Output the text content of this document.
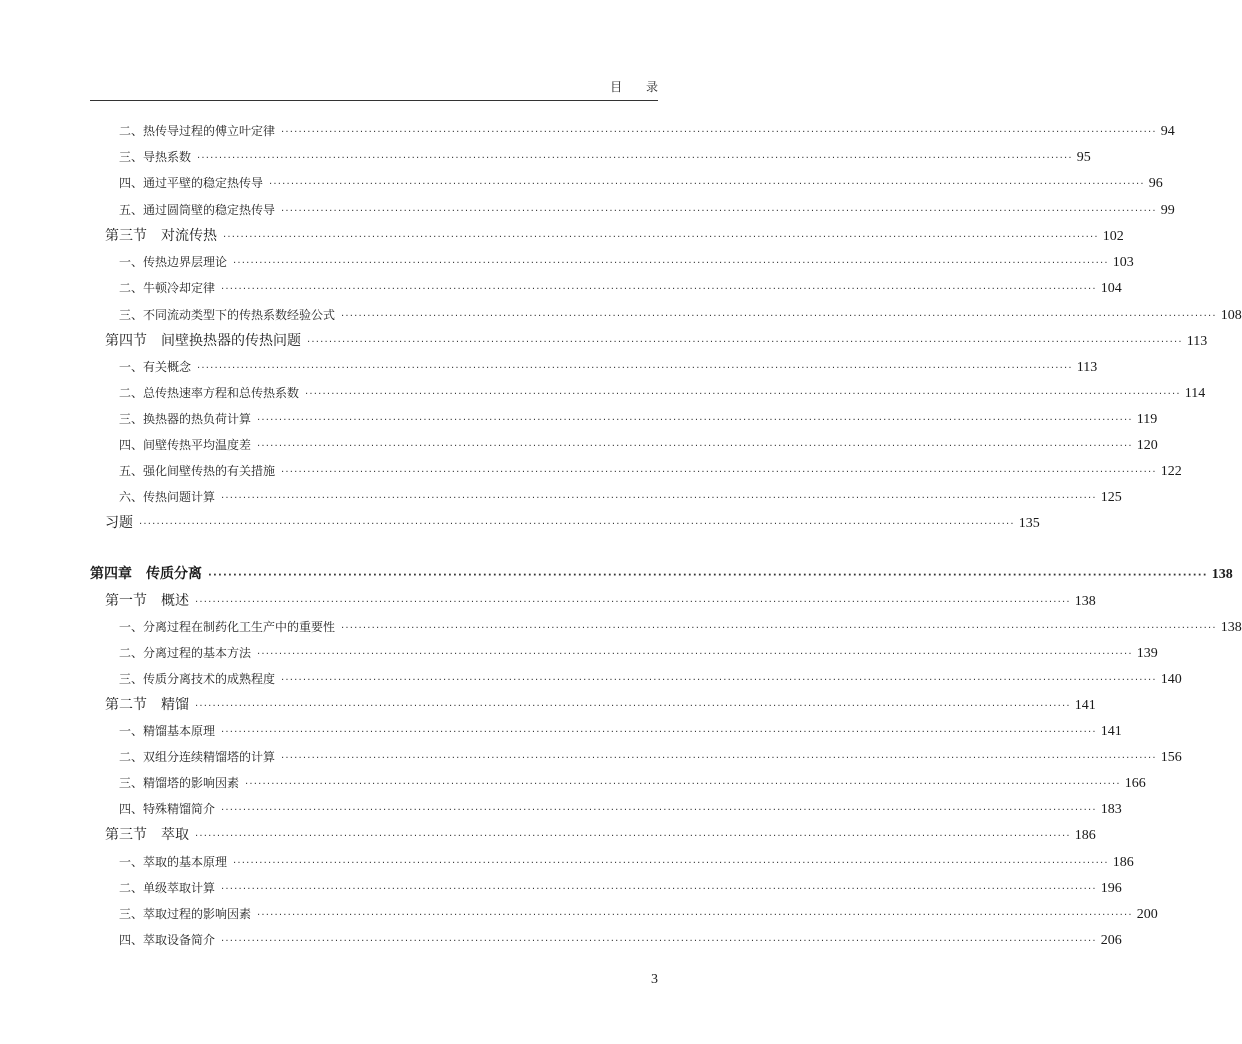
目 录
二、热传导过程的傅立叶定律 ········································································································································································································ 94
三、导热系数 ········································································································································································································ 95
四、通过平壁的稳定热传导 ········································································································································································································ 96
五、通过圆筒壁的稳定热传导 ········································································································································································································ 99
第三节　对流传热 ········································································································································································································ 102
一、传热边界层理论 ········································································································································································································ 103
二、牛顿冷却定律 ········································································································································································································ 104
三、不同流动类型下的传热系数经验公式 ········································································································································································································ 108
第四节　间壁换热器的传热问题 ········································································································································································································ 113
一、有关概念 ········································································································································································································ 113
二、总传热速率方程和总传热系数 ········································································································································································································ 114
三、换热器的热负荷计算 ········································································································································································································ 119
四、间壁传热平均温度差 ········································································································································································································ 120
五、强化间壁传热的有关措施 ········································································································································································································ 122
六、传热问题计算 ········································································································································································································ 125
习题 ········································································································································································································ 135
第四章　传质分离 ········································································································································································································ 138
第一节　概述 ········································································································································································································ 138
一、分离过程在制药化工生产中的重要性 ········································································································································································································ 138
二、分离过程的基本方法 ········································································································································································································ 139
三、传质分离技术的成熟程度 ········································································································································································································ 140
第二节　精馏 ········································································································································································································ 141
一、精馏基本原理 ········································································································································································································ 141
二、双组分连续精馏塔的计算 ········································································································································································································ 156
三、精馏塔的影响因素 ········································································································································································································ 166
四、特殊精馏简介 ········································································································································································································ 183
第三节　萃取 ········································································································································································································ 186
一、萃取的基本原理 ········································································································································································································ 186
二、单级萃取计算 ········································································································································································································ 196
三、萃取过程的影响因素 ········································································································································································································ 200
四、萃取设备简介 ········································································································································································································ 206
3
